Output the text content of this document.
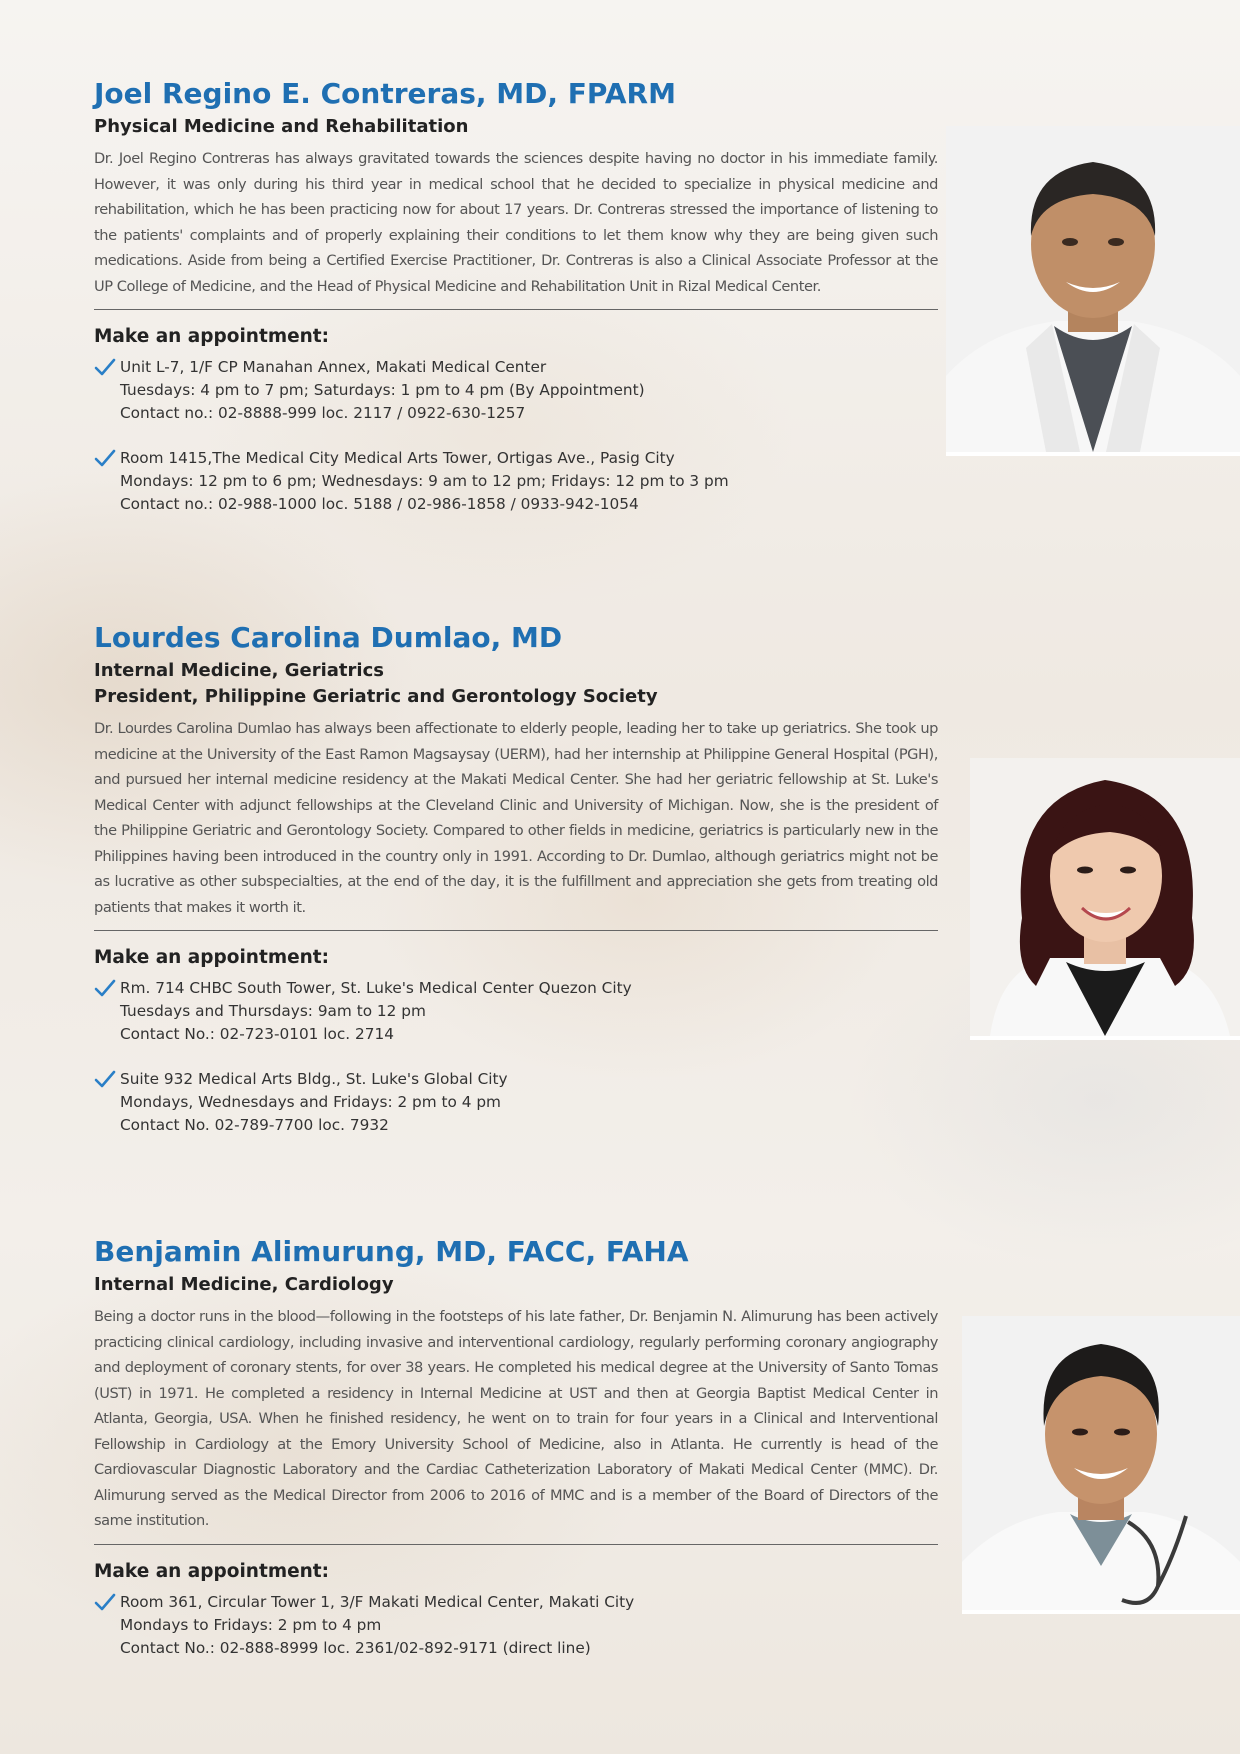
Joel Regino E. Contreras, MD, FPARM
Physical Medicine and Rehabilitation

Dr. Joel Regino Contreras has always gravitated towards the sciences despite having no doctor in his immediate family. However, it was only during his third year in medical school that he decided to specialize in physical medicine and rehabilitation, which he has been practicing now for about 17 years. Dr. Contreras stressed the importance of listening to the patients' complaints and of properly explaining their conditions to let them know why they are being given such medications. Aside from being a Certified Exercise Practitioner, Dr. Contreras is also a Clinical Associate Professor at the UP College of Medicine, and the Head of Physical Medicine and Rehabilitation Unit in Rizal Medical Center.

Make an appointment:
Unit L-7, 1/F CP Manahan Annex, Makati Medical Center
Tuesdays: 4 pm to 7 pm; Saturdays: 1 pm to 4 pm (By Appointment)
Contact no.: 02-8888-999 loc. 2117 / 0922-630-1257
Room 1415,The Medical City Medical Arts Tower, Ortigas Ave., Pasig City
Mondays: 12 pm to 6 pm; Wednesdays: 9 am to 12 pm; Fridays: 12 pm to 3 pm
Contact no.: 02-988-1000 loc. 5188 / 02-986-1858 / 0933-942-1054
Lourdes Carolina Dumlao, MD
Internal Medicine, Geriatrics
President, Philippine Geriatric and Gerontology Society

Dr. Lourdes Carolina Dumlao has always been affectionate to elderly people, leading her to take up geriatrics. She took up medicine at the University of the East Ramon Magsaysay (UERM), had her internship at Philippine General Hospital (PGH), and pursued her internal medicine residency at the Makati Medical Center. She had her geriatric fellowship at St. Luke's Medical Center with adjunct fellowships at the Cleveland Clinic and University of Michigan. Now, she is the president of the Philippine Geriatric and Gerontology Society. Compared to other fields in medicine, geriatrics is particularly new in the Philippines having been introduced in the country only in 1991. According to Dr. Dumlao, although geriatrics might not be as lucrative as other subspecialties, at the end of the day, it is the fulfillment and appreciation she gets from treating old patients that makes it worth it.

Make an appointment:
Rm. 714 CHBC South Tower, St. Luke's Medical Center Quezon City
Tuesdays and Thursdays: 9am to 12 pm
Contact No.: 02-723-0101 loc. 2714
Suite 932 Medical Arts Bldg., St. Luke's Global City
Mondays, Wednesdays and Fridays: 2 pm to 4 pm
Contact No. 02-789-7700 loc. 7932
Benjamin Alimurung, MD, FACC, FAHA
Internal Medicine, Cardiology

Being a doctor runs in the blood—following in the footsteps of his late father, Dr. Benjamin N. Alimurung has been actively practicing clinical cardiology, including invasive and interventional cardiology, regularly performing coronary angiography and deployment of coronary stents, for over 38 years. He completed his medical degree at the University of Santo Tomas (UST) in 1971. He completed a residency in Internal Medicine at UST and then at Georgia Baptist Medical Center in Atlanta, Georgia, USA. When he finished residency, he went on to train for four years in a Clinical and Interventional Fellowship in Cardiology at the Emory University School of Medicine, also in Atlanta. He currently is head of the Cardiovascular Diagnostic Laboratory and the Cardiac Catheterization Laboratory of Makati Medical Center (MMC). Dr. Alimurung served as the Medical Director from 2006 to 2016 of MMC and is a member of the Board of Directors of the same institution.

Make an appointment:
Room 361, Circular Tower 1, 3/F Makati Medical Center, Makati City
Mondays to Fridays: 2 pm to 4 pm
Contact No.: 02-888-8999 loc. 2361/02-892-9171 (direct line)
